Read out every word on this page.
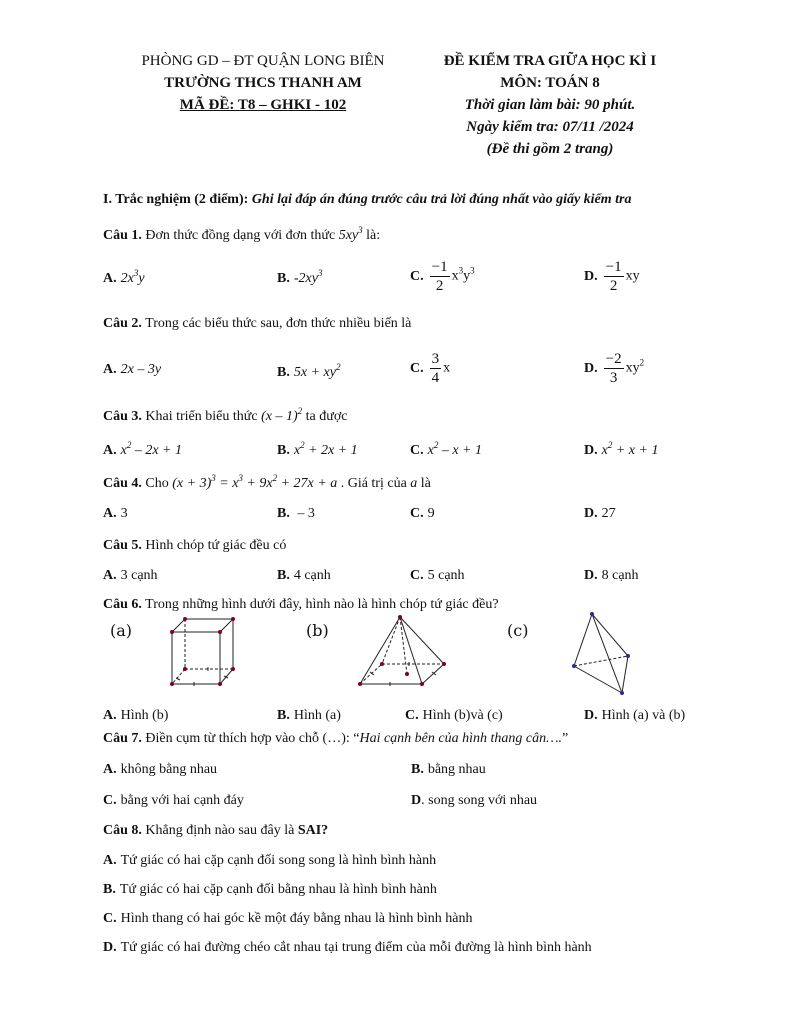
PHÒNG GD – ĐT QUẬN LONG BIÊN
TRƯỜNG THCS THANH AM
MÃ ĐỀ: T8 – GHKI - 102
ĐỀ KIỂM TRA GIỮA HỌC KÌ I
MÔN: TOÁN 8
Thời gian làm bài: 90 phút.
Ngày kiểm tra: 07/11 /2024
(Đề thi gồm 2 trang)
I. Trắc nghiệm (2 điểm): Ghi lại đáp án đúng trước câu trả lời đúng nhất vào giấy kiểm tra
Câu 1. Đơn thức đồng dạng với đơn thức $5xy^3$ là:
A. $2x^3y$	B. $-2xy^3$	C. $\frac{-1}{2} x^3y^3$	D. $\frac{-1}{2}$ xy
Câu 2. Trong các biểu thức sau, đơn thức nhiều biến là
A. 2x – 3y	B. $5x + xy^2$	C. $\frac{3}{4}$ x	D. $\frac{-2}{3} xy^2$
Câu 3. Khai triển biểu thức (x – 1)$^2$ ta được
A. $x^2 - 2x + 1$	B. $x^2 + 2x + 1$	C. $x^2 - x + 1$	D. $x^2 + x + 1$
Câu 4. Cho $(x + 3)^3 = x^3 + 9x^2 + 27x + a$ . Giá trị của a là
A. 3	B. – 3	C. 9	D. 27
Câu 5. Hình chóp tứ giác đều có
A. 3 cạnh	B. 4 cạnh	C. 5 cạnh	D. 8 cạnh
Câu 6. Trong những hình dưới đây, hình nào là hình chóp tứ giác đều?
(a)	(b)	(c)
A. Hình (b)	B. Hình (a)	C. Hình (b)và (c)	D. Hình (a) và (b)
Câu 7. Điền cụm từ thích hợp vào chỗ (…): “Hai cạnh bên của hình thang cân….”
A. không bằng nhau	B. bằng nhau
C. bằng với hai cạnh đáy	D. song song với nhau
Câu 8. Khẳng định nào sau đây là SAI?
A. Tứ giác có hai cặp cạnh đối song song là hình bình hành
B. Tứ giác có hai cặp cạnh đối bằng nhau là hình bình hành
C. Hình thang có hai góc kề một đáy bằng nhau là hình bình hành
D. Tứ giác có hai đường chéo cắt nhau tại trung điểm của mỗi đường là hình bình hành
